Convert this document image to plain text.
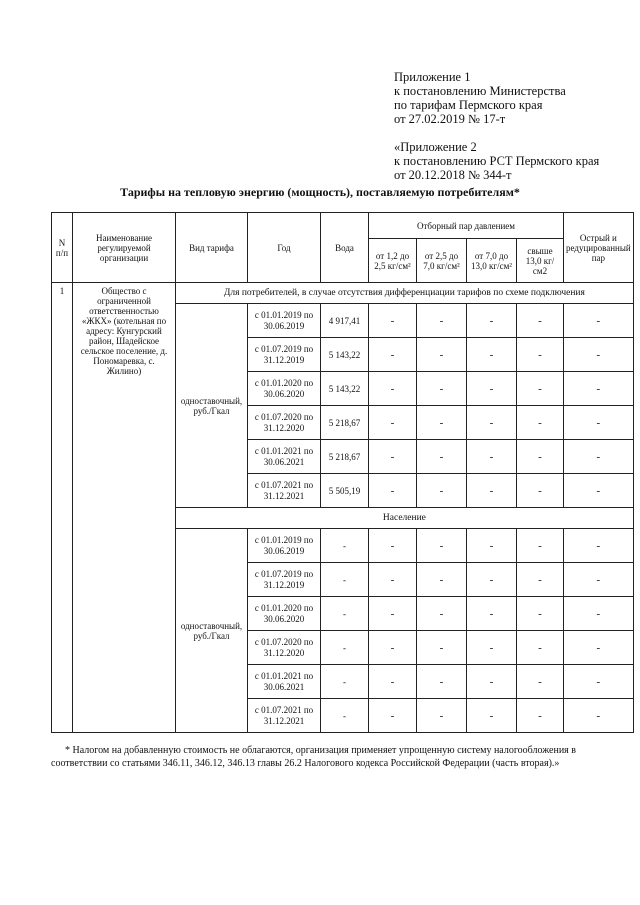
Приложение 1
к постановлению Министерства
по тарифам Пермского края
от 27.02.2019 № 17-т
«Приложение 2
к постановлению РСТ Пермского края
от 20.12.2018 № 344-т
Тарифы на тепловую энергию (мощность), поставляемую потребителям*
N п/п	Наименование регулируемой организации	Вид тарифа	Год	Вода	Отборный пар давлением				Острый и редуцированный пар
					от 1,2 до 2,5 кг/см²	от 2,5 до 7,0 кг/см²	от 7,0 до 13,0 кг/см²	свыше 13,0 кг/см2	
1	Общество с ограниченной ответственностью «ЖКХ» (котельная по адресу: Кунгурский район, Шадейское сельское поселение, д. Пономаревка, с. Жилино)	Для потребителей, в случае отсутствия дифференциации тарифов по схеме подключения							
		одноставочный, руб./Гкал	с 01.01.2019 по 30.06.2019	4 917,41	-	-	-	-	-
			с 01.07.2019 по 31.12.2019	5 143,22	-	-	-	-	-
			с 01.01.2020 по 30.06.2020	5 143,22	-	-	-	-	-
			с 01.07.2020 по 31.12.2020	5 218,67	-	-	-	-	-
			с 01.01.2021 по 30.06.2021	5 218,67	-	-	-	-	-
			с 01.07.2021 по 31.12.2021	5 505,19	-	-	-	-	-
		Население							
		одноставочный, руб./Гкал	с 01.01.2019 по 30.06.2019	-	-	-	-	-	-
			с 01.07.2019 по 31.12.2019	-	-	-	-	-	-
			с 01.01.2020 по 30.06.2020	-	-	-	-	-	-
			с 01.07.2020 по 31.12.2020	-	-	-	-	-	-
			с 01.01.2021 по 30.06.2021	-	-	-	-	-	-
			с 01.07.2021 по 31.12.2021	-	-	-	-	-	-
* Налогом на добавленную стоимость не облагаются, организация применяет упрощенную систему налогообложения в соответствии со статьями 346.11, 346.12, 346.13 главы 26.2 Налогового кодекса Российской Федерации (часть вторая).»
